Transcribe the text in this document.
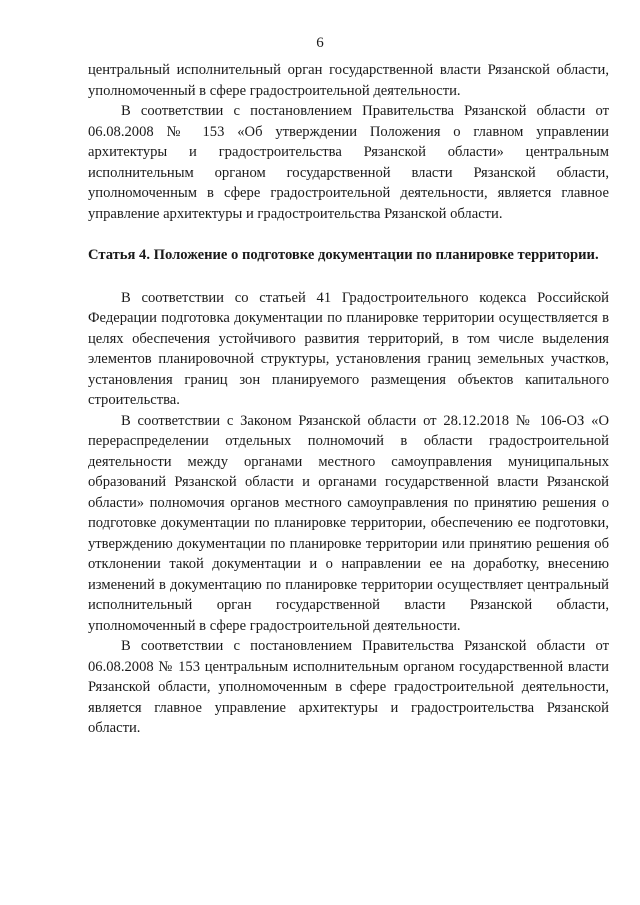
6

центральный исполнительный орган государственной власти Рязанской области, уполномоченный в сфере градостроительной деятельности.

В соответствии с постановлением Правительства Рязанской области от 06.08.2008 № 153 «Об утверждении Положения о главном управлении архитектуры и градостроительства Рязанской области» центральным исполнительным органом государственной власти Рязанской области, уполномоченным в сфере градостроительной деятельности, является главное управление архитектуры и градостроительства Рязанской области.

Статья 4. Положение о подготовке документации по планировке территории.

В соответствии со статьей 41 Градостроительного кодекса Российской Федерации подготовка документации по планировке территории осуществляется в целях обеспечения устойчивого развития территорий, в том числе выделения элементов планировочной структуры, установления границ земельных участков, установления границ зон планируемого размещения объектов капитального строительства.

В соответствии с Законом Рязанской области от 28.12.2018 № 106-ОЗ «О перераспределении отдельных полномочий в области градостроительной деятельности между органами местного самоуправления муниципальных образований Рязанской области и органами государственной власти Рязанской области» полномочия органов местного самоуправления по принятию решения о подготовке документации по планировке территории, обеспечению ее подготовки, утверждению документации по планировке территории или принятию решения об отклонении такой документации и о направлении ее на доработку, внесению изменений в документацию по планировке территории осуществляет центральный исполнительный орган государственной власти Рязанской области, уполномоченный в сфере градостроительной деятельности.

В соответствии с постановлением Правительства Рязанской области от 06.08.2008 № 153 центральным исполнительным органом государственной власти Рязанской области, уполномоченным в сфере градостроительной деятельности, является главное управление архитектуры и градостроительства Рязанской области.
